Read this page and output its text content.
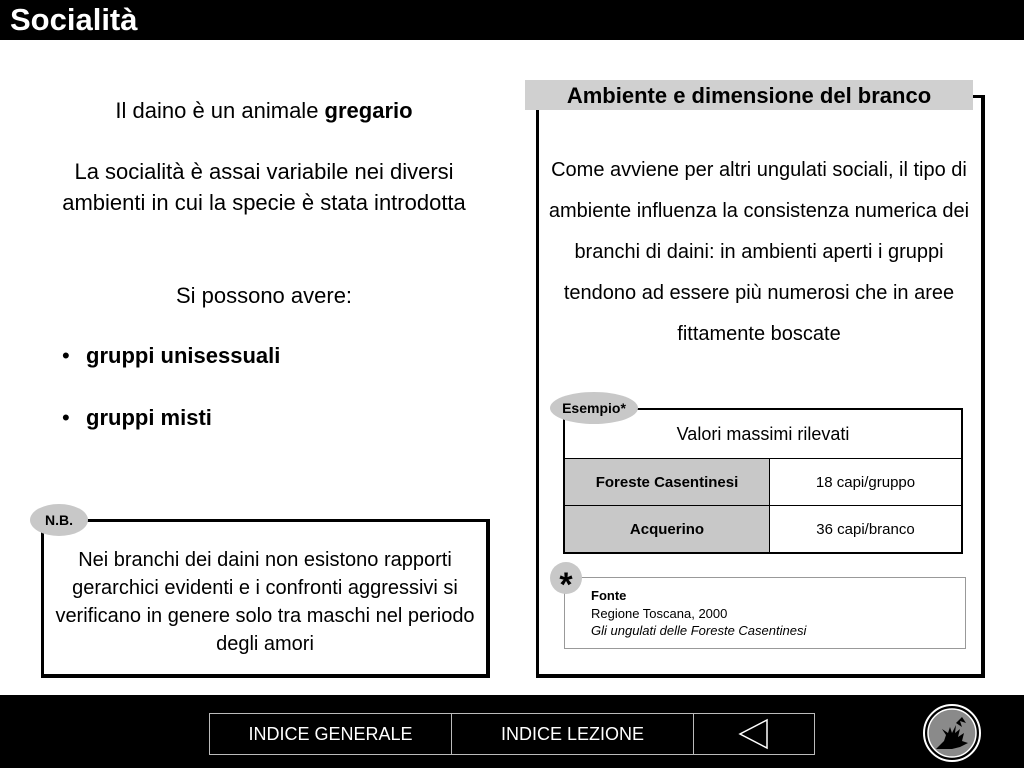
Socialità
Il daino è un animale gregario
La socialità è assai variabile nei diversi ambienti in cui la specie è stata introdotta
Si possono avere:
• gruppi unisessuali
• gruppi misti
Nei branchi dei daini non esistono rapporti gerarchici evidenti e i confronti aggressivi si verificano in genere solo tra maschi nel periodo degli amori
N.B.
Ambiente e dimensione del branco
Come avviene per altri ungulati sociali, il tipo di ambiente influenza la consistenza numerica dei branchi di daini: in ambienti aperti i gruppi tendono ad essere più numerosi che in aree fittamente boscate
Esempio*
Valori massimi rilevati	
Foreste Casentinesi	18 capi/gruppo
Acquerino	36 capi/branco
*	Fonte
Regione Toscana, 2000
Gli ungulati delle Foreste Casentinesi
INDICE GENERALE	INDICE LEZIONE
